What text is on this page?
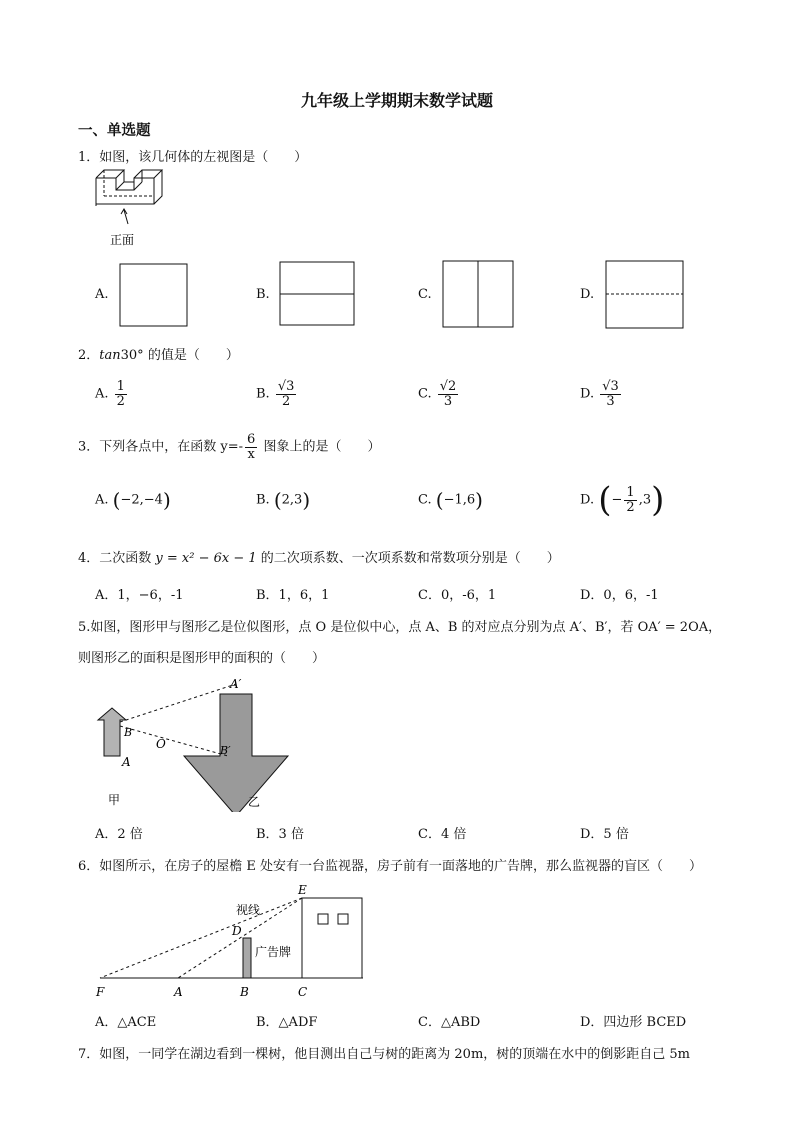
九年级上学期期末数学试题
一、单选题
1．如图，该几何体的左视图是（　　）
正面
A.	B.	C.	D.
2．tan30° 的值是（　　）
A. $\frac{1}{2}$	B. $\frac{√3}{2}$	C. $\frac{√2}{3}$	D. $\frac{√3}{3}$
3．下列各点中，在函数 $y=- \frac{6}{x}$ 图象上的是（　　）
A. (−2,−4)	B. (2,3)	C. (−1,6)	D. (− $\frac{1}{2} ,3$)
4．二次函数 y = x² − 6x − 1 的二次项系数、一次项系数和常数项分别是（　　）
A．1，−6，-1	B．1，6，1	C．0，-6，1	D．0，6，-1
5.如图，图形甲与图形乙是位似图形，点 O 是位似中心，点 A、B 的对应点分别为点 A′、B′，若 OA′ = 2OA，
则图形乙的面积是图形甲的面积的（　　）
A′
B
O	B′
A
甲	乙
A．2 倍	B．3 倍	C．4 倍	D．5 倍
6．如图所示，在房子的屋檐 E 处安有一台监视器，房子前有一面落地的广告牌，那么监视器的盲区（　　）
E
视线
D
广告牌
F	A	B	C
A．△ACE	B．△ADF	C．△ABD	D．四边形 BCED
7．如图，一同学在湖边看到一棵树，他目测出自己与树的距离为 20m，树的顶端在水中的倒影距自己 5m
